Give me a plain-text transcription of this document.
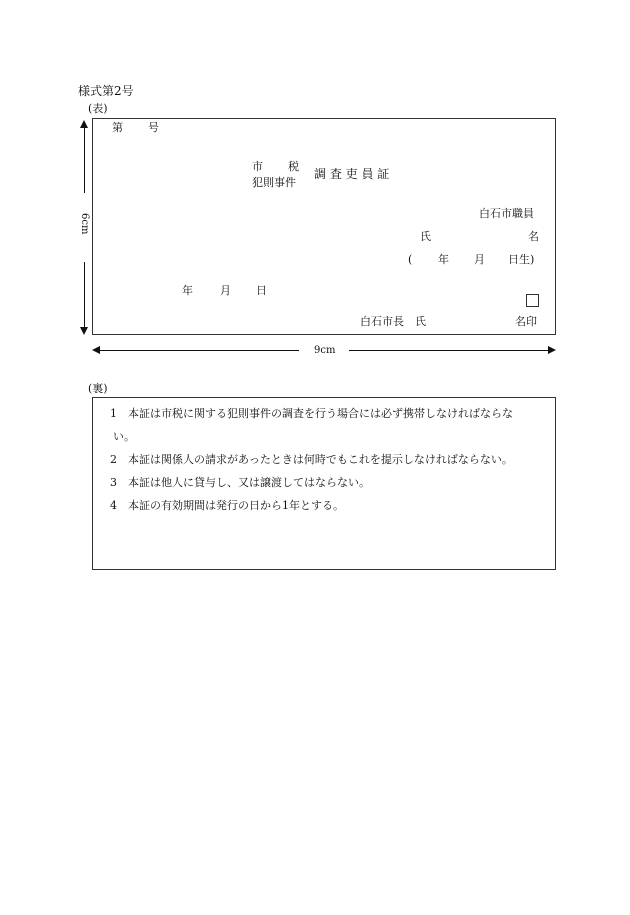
様式第2号
(表)
6cm
第 号
市 税
犯則事件
調 査 吏 員 証
白石市職員
氏	名
( 年 月 日生)
年 月 日
白石市長　氏	名印
9cm
(裏)
1　 本証は市税に関する犯則事件の調査を行う場合には必ず携帯しなければならな
い。
2　 本証は関係人の請求があったときは何時でもこれを提示しなければならない。
3　 本証は他人に貸与し、又は譲渡してはならない。
4　 本証の有効期間は発行の日から1年とする。
